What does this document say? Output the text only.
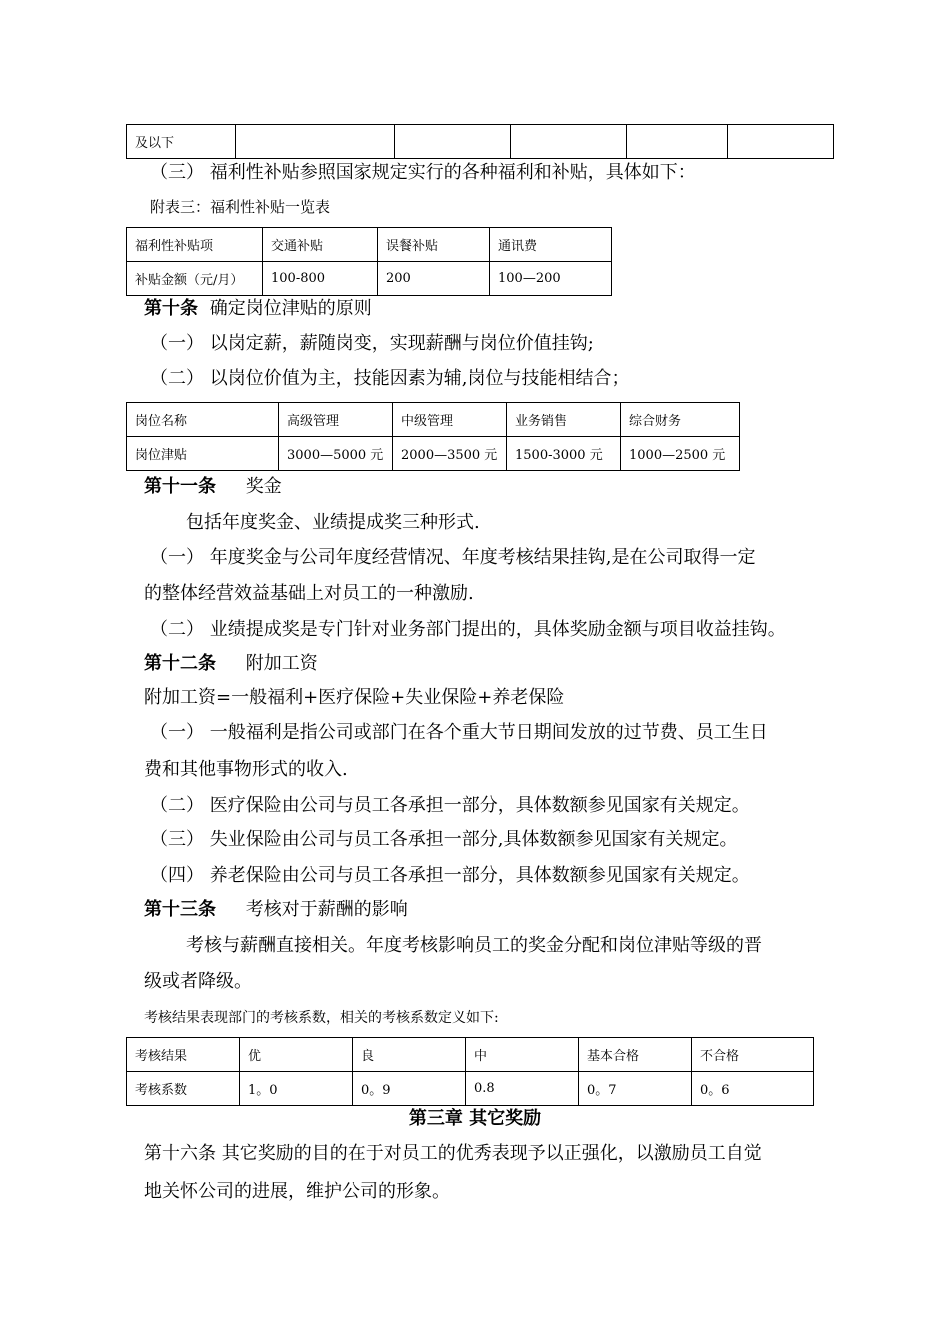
及以下					
（三） 福利性补贴参照国家规定实行的各种福利和补贴，具体如下：
附表三：福利性补贴一览表
福利性补贴项	交通补贴	误餐补贴	通讯费
补贴金额（元/月）	100-800	200	100—200
第十条 确定岗位津贴的原则
（一） 以岗定薪，薪随岗变，实现薪酬与岗位价值挂钩;
（二） 以岗位价值为主，技能因素为辅,岗位与技能相结合；
岗位名称	高级管理	中级管理	业务销售	综合财务
岗位津贴	3000—5000 元	2000—3500 元	1500-3000 元	1000—2500 元
第十一条 奖金
包括年度奖金、业绩提成奖三种形式.
（一） 年度奖金与公司年度经营情况、年度考核结果挂钩,是在公司取得一定
的整体经营效益基础上对员工的一种激励.
（二） 业绩提成奖是专门针对业务部门提出的，具体奖励金额与项目收益挂钩。
第十二条 附加工资
附加工资=一般福利+医疗保险+失业保险+养老保险
（一） 一般福利是指公司或部门在各个重大节日期间发放的过节费、员工生日
费和其他事物形式的收入.
（二） 医疗保险由公司与员工各承担一部分，具体数额参见国家有关规定。
（三） 失业保险由公司与员工各承担一部分,具体数额参见国家有关规定。
（四） 养老保险由公司与员工各承担一部分，具体数额参见国家有关规定。
第十三条 考核对于薪酬的影响
考核与薪酬直接相关。年度考核影响员工的奖金分配和岗位津贴等级的晋
级或者降级。
考核结果表现部门的考核系数，相关的考核系数定义如下:
考核结果	优	良	中	基本合格	不合格
考核系数	1。0	0。9	0.8	0。7	0。6
第三章 其它奖励
第十六条 其它奖励的目的在于对员工的优秀表现予以正强化，以激励员工自觉
地关怀公司的进展，维护公司的形象。
